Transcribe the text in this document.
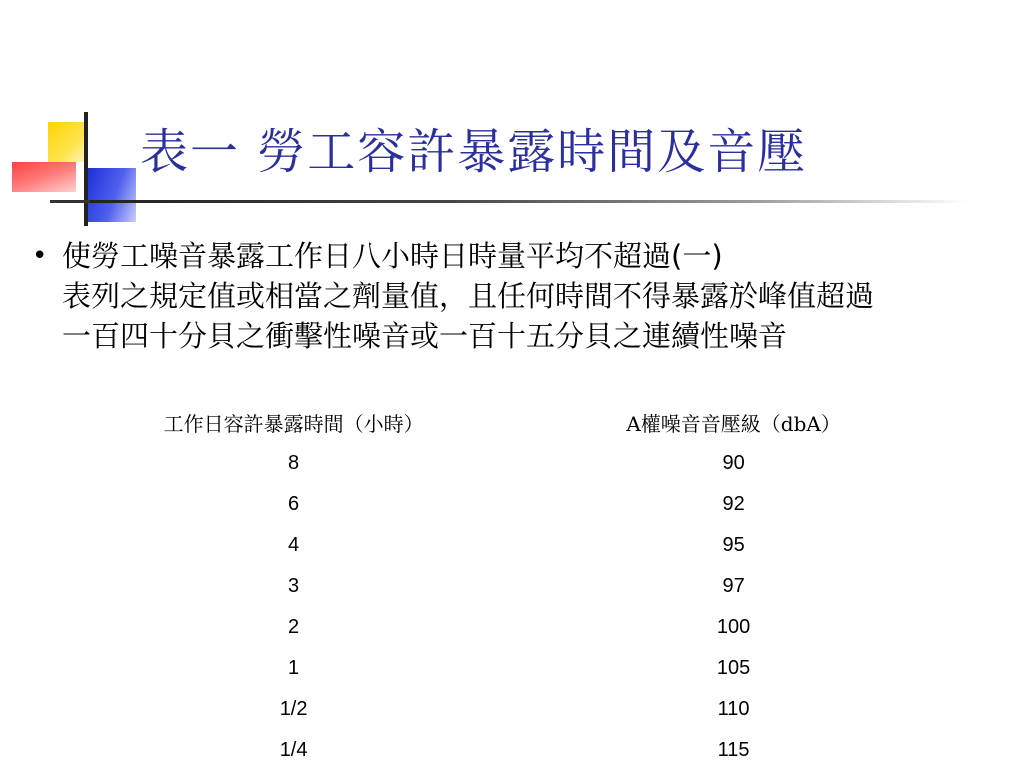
表一 勞工容許暴露時間及音壓
• 使勞工噪音暴露工作日八小時日時量平均不超過(一)
表列之規定值或相當之劑量值，且任何時間不得暴露於峰值超過
一百四十分貝之衝擊性噪音或一百十五分貝之連續性噪音
工作日容許暴露時間（小時）	A權噪音音壓級（dbA）
8	90
6	92
4	95
3	97
2	100
1	105
1/2	110
1/4	115
